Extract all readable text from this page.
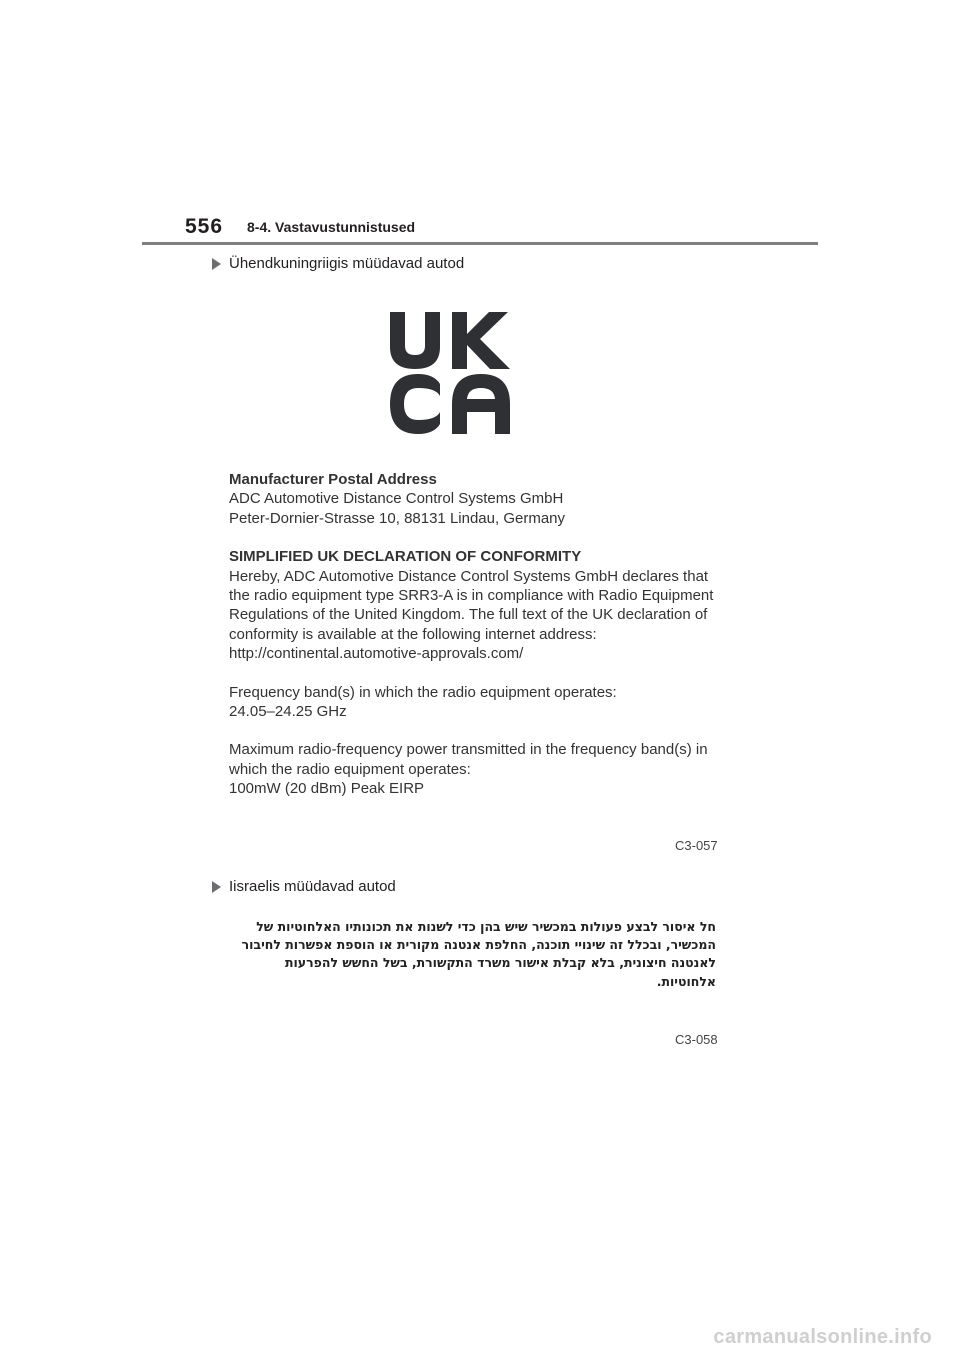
556 8-4. Vastavustunnistused
Ühendkuningriigis müüdavad autod
Manufacturer Postal Address
ADC Automotive Distance Control Systems GmbH
Peter-Dornier-Strasse 10, 88131 Lindau, Germany
SIMPLIFIED UK DECLARATION OF CONFORMITY
Hereby, ADC Automotive Distance Control Systems GmbH declares that
the radio equipment type SRR3-A is in compliance with Radio Equipment
Regulations of the United Kingdom. The full text of the UK declaration of
conformity is available at the following internet address:
http://continental.automotive-approvals.com/
Frequency band(s) in which the radio equipment operates:
24.05–24.25 GHz
Maximum radio-frequency power transmitted in the frequency band(s) in
which the radio equipment operates:
100mW (20 dBm) Peak EIRP
C3-057
Iisraelis müüdavad autod
חל איסור לבצע פעולות במכשיר שיש בהן כדי לשנות את תכונותיו האלחוטיות של
המכשיר, ובכלל זה שינויי תוכנה, החלפת אנטנה מקורית או הוספת אפשרות לחיבור
לאנטנה חיצונית, בלא קבלת אישור משרד התקשורת, בשל החשש להפרעות
אלחוטיות.
C3-058
carmanualsonline.info
